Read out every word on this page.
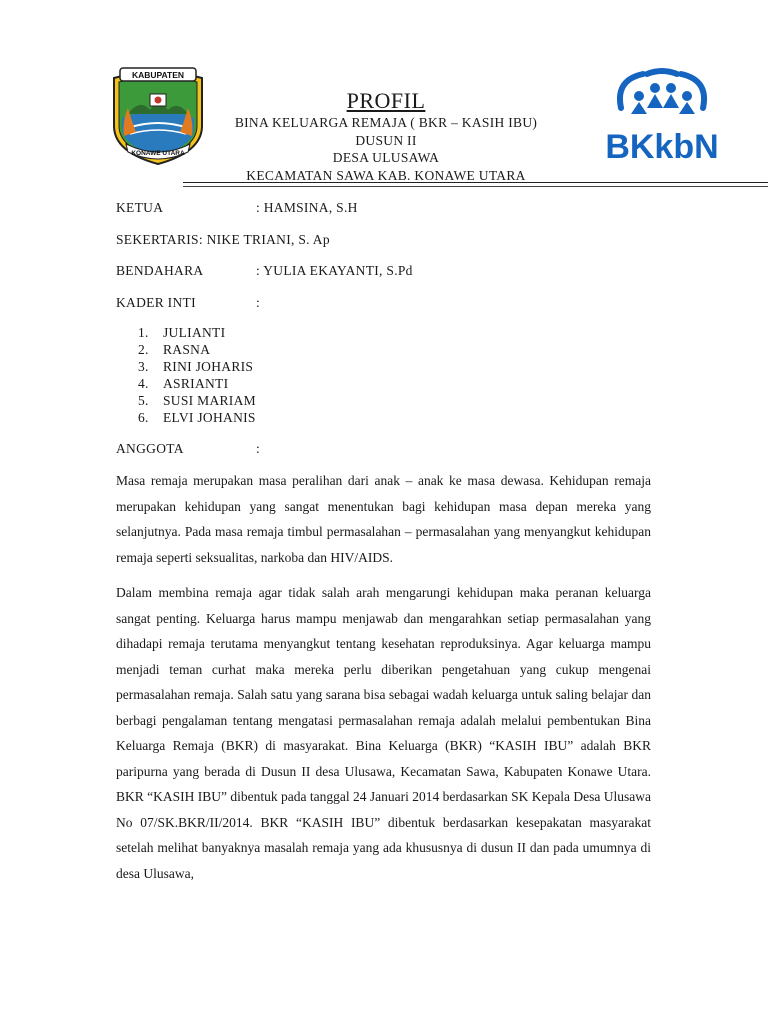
KABUPATEN
KONAWE UTARA	BKkbN
PROFIL
BINA KELUARGA REMAJA ( BKR – KASIH IBU)
DUSUN II
DESA ULUSAWA
KECAMATAN SAWA KAB. KONAWE UTARA
KETUA	: HAMSINA, S.H
SEKERTARIS: NIKE TRIANI, S. Ap
BENDAHARA	: YULIA EKAYANTI, S.Pd
KADER INTI	:
1. JULIANTI
2. RASNA
3. RINI JOHARIS
4. ASRIANTI
5. SUSI MARIAM
6. ELVI JOHANIS
ANGGOTA	:

Masa remaja merupakan masa peralihan dari anak – anak ke masa dewasa. Kehidupan remaja merupakan kehidupan yang sangat menentukan bagi kehidupan masa depan mereka yang selanjutnya. Pada masa remaja timbul permasalahan – permasalahan yang menyangkut kehidupan remaja seperti seksualitas, narkoba dan HIV/AIDS.

Dalam membina remaja agar tidak salah arah mengarungi kehidupan maka peranan keluarga sangat penting. Keluarga harus mampu menjawab dan mengarahkan setiap permasalahan yang dihadapi remaja terutama menyangkut tentang kesehatan reproduksinya. Agar keluarga mampu menjadi teman curhat maka mereka perlu diberikan pengetahuan yang cukup mengenai permasalahan remaja. Salah satu yang sarana bisa sebagai wadah keluarga untuk saling belajar dan berbagi pengalaman tentang mengatasi permasalahan remaja adalah melalui pembentukan Bina Keluarga Remaja (BKR) di masyarakat. Bina Keluarga (BKR) “KASIH IBU” adalah BKR paripurna yang berada di Dusun II desa Ulusawa, Kecamatan Sawa, Kabupaten Konawe Utara. BKR “KASIH IBU” dibentuk pada tanggal 24 Januari 2014 berdasarkan SK Kepala Desa Ulusawa No 07/SK.BKR/II/2014. BKR “KASIH IBU” dibentuk berdasarkan kesepakatan masyarakat setelah melihat banyaknya masalah remaja yang ada khususnya di dusun II dan pada umumnya di desa Ulusawa,
